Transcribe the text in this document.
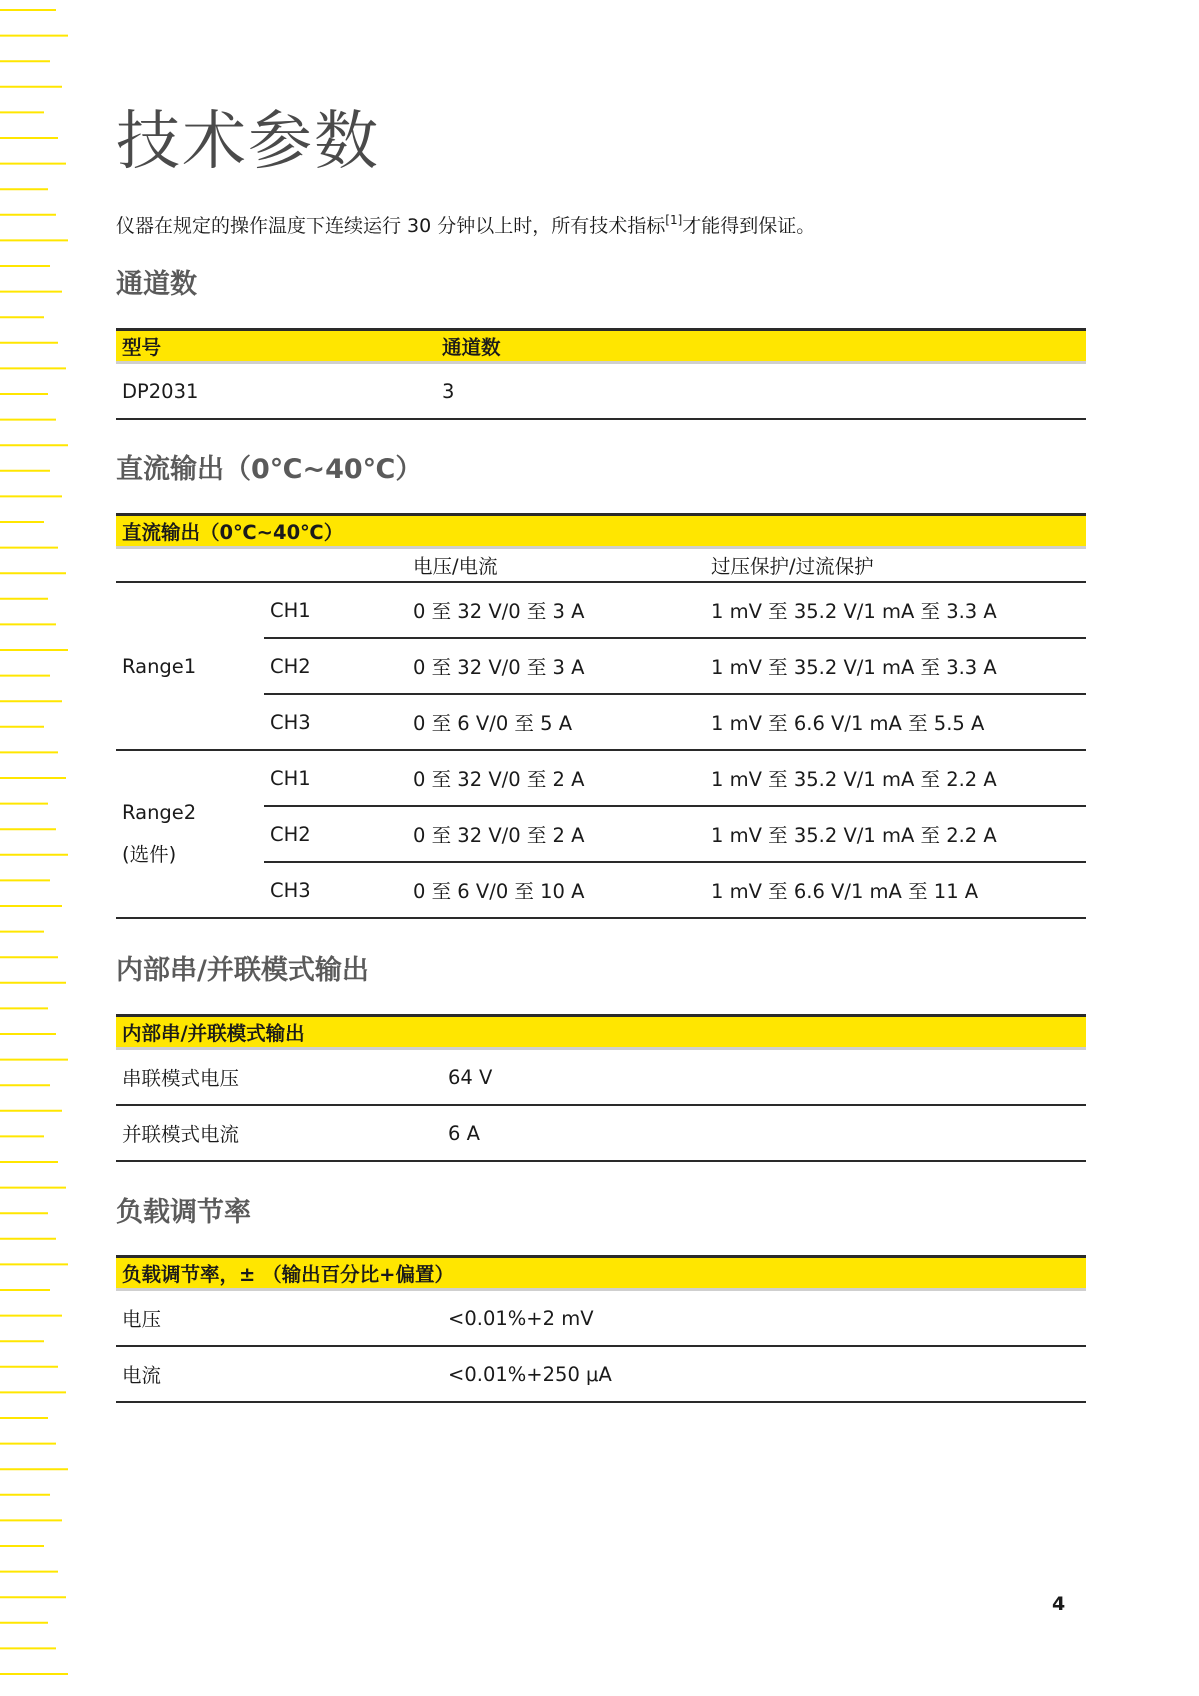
技术参数
仪器在规定的操作温度下连续运行 30 分钟以上时，所有技术指标[1]才能得到保证。
通道数
型号	通道数
DP2031	3
直流输出（0℃~40℃）
直流输出（0℃~40℃）			
		电压/电流	过压保护/过流保护
Range1	CH1	0 至 32 V/0 至 3 A	1 mV 至 35.2 V/1 mA 至 3.3 A
	CH2	0 至 32 V/0 至 3 A	1 mV 至 35.2 V/1 mA 至 3.3 A
	CH3	0 至 6 V/0 至 5 A	1 mV 至 6.6 V/1 mA 至 5.5 A
Range2
(选件)	CH1	0 至 32 V/0 至 2 A	1 mV 至 35.2 V/1 mA 至 2.2 A
	CH2	0 至 32 V/0 至 2 A	1 mV 至 35.2 V/1 mA 至 2.2 A
	CH3	0 至 6 V/0 至 10 A	1 mV 至 6.6 V/1 mA 至 11 A
内部串/并联模式输出
内部串/并联模式输出	
串联模式电压	64 V
并联模式电流	6 A
负载调节率
负载调节率，± （输出百分比+偏置）	
电压	<0.01%+2 mV
电流	<0.01%+250 μA
4
